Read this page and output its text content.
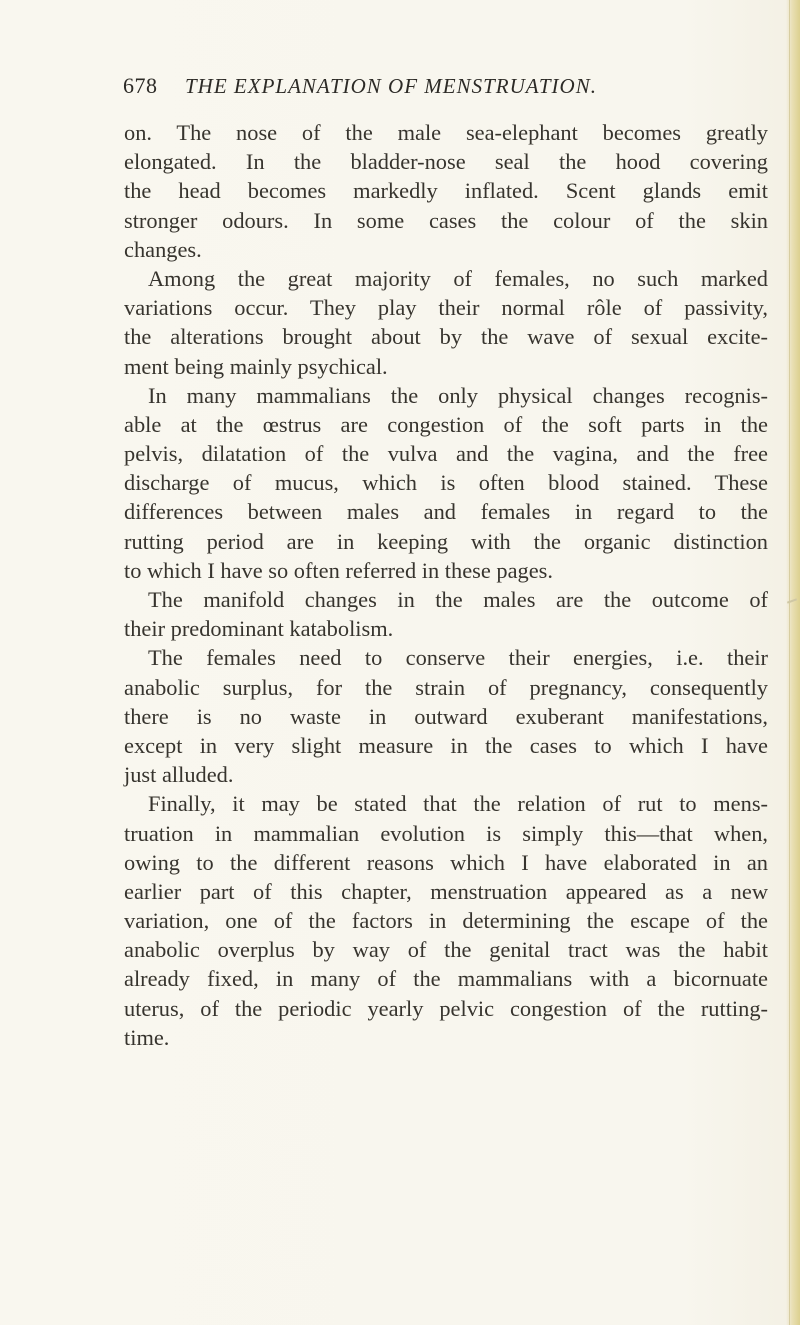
678 THE EXPLANATION OF MENSTRUATION.
on. The nose of the male sea-elephant becomes greatly
elongated. In the bladder-nose seal the hood covering
the head becomes markedly inflated. Scent glands emit
stronger odours. In some cases the colour of the skin
changes.
Among the great majority of females, no such marked
variations occur. They play their normal rôle of passivity,
the alterations brought about by the wave of sexual excite-
ment being mainly psychical.
In many mammalians the only physical changes recognis-
able at the œstrus are congestion of the soft parts in the
pelvis, dilatation of the vulva and the vagina, and the free
discharge of mucus, which is often blood stained. These
differences between males and females in regard to the
rutting period are in keeping with the organic distinction
to which I have so often referred in these pages.
The manifold changes in the males are the outcome of
their predominant katabolism.
The females need to conserve their energies, i.e. their
anabolic surplus, for the strain of pregnancy, consequently
there is no waste in outward exuberant manifestations,
except in very slight measure in the cases to which I have
just alluded.
Finally, it may be stated that the relation of rut to mens-
truation in mammalian evolution is simply this—that when,
owing to the different reasons which I have elaborated in an
earlier part of this chapter, menstruation appeared as a new
variation, one of the factors in determining the escape of the
anabolic overplus by way of the genital tract was the habit
already fixed, in many of the mammalians with a bicornuate
uterus, of the periodic yearly pelvic congestion of the rutting-
time.
